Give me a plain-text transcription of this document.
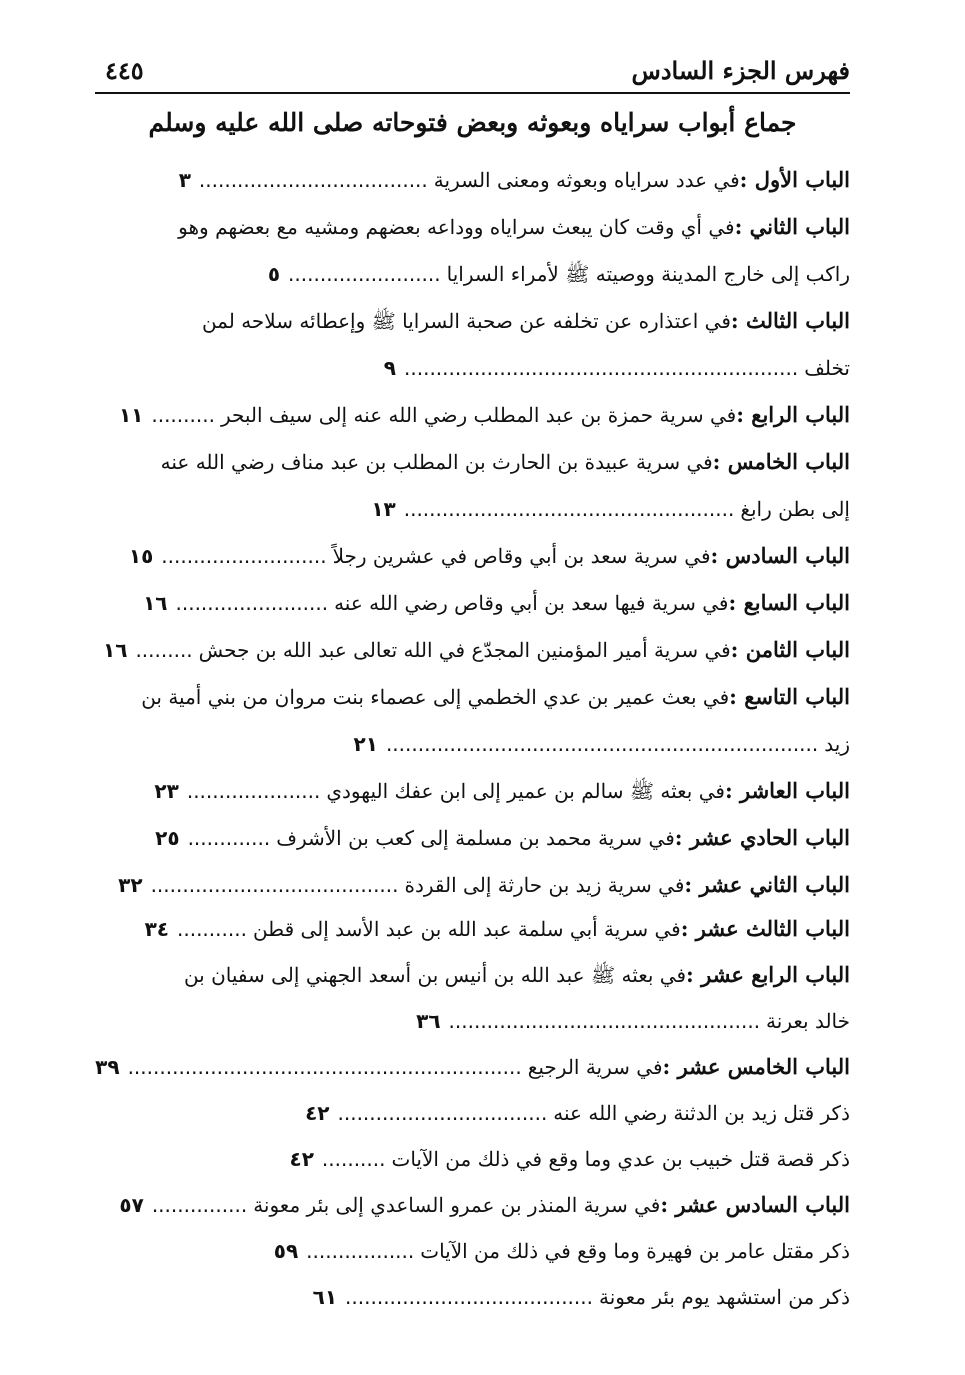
فهرس الجزء السادس
٤٤٥
جماع أبواب سراياه وبعوثه وبعض فتوحاته صلى الله عليه وسلم
الباب الأول :في عدد سراياه وبعوثه ومعنى السرية....................................٣
الباب الثاني :في أي وقت كان يبعث سراياه ووداعه بعضهم ومشيه مع بعضهم وهو
راكب إلى خارج المدينة ووصيته ﷺ لأمراء السرايا........................٥
الباب الثالث :في اعتذاره عن تخلفه عن صحبة السرايا ﷺ وإعطائه سلاحه لمن
تخلف..............................................................٩
الباب الرابع :في سرية حمزة بن عبد المطلب رضي الله عنه إلى سيف البحر..........١١
الباب الخامس :في سرية عبيدة بن الحارث بن المطلب بن عبد مناف رضي الله عنه
إلى بطن رابغ....................................................١٣
الباب السادس :في سرية سعد بن أبي وقاص في عشرين رجلاً..........................١٥
الباب السابع :في سرية فيها سعد بن أبي وقاص رضي الله عنه........................١٦
الباب الثامن :في سرية أمير المؤمنين المجدّع في الله تعالى عبد الله بن جحش.........١٦
الباب التاسع :في بعث عمير بن عدي الخطمي إلى عصماء بنت مروان من بني أمية بن
زيد....................................................................٢١
الباب العاشر :في بعثه ﷺ سالم بن عمير إلى ابن عفك اليهودي.....................٢٣
الباب الحادي عشر :في سرية محمد بن مسلمة إلى كعب بن الأشرف.............٢٥
الباب الثاني عشر :في سرية زيد بن حارثة إلى القردة.......................................٣٢
الباب الثالث عشر :في سرية أبي سلمة عبد الله بن عبد الأسد إلى قطن...........٣٤
الباب الرابع عشر :في بعثه ﷺ عبد الله بن أنيس بن أسعد الجهني إلى سفيان بن
خالد بعرنة.................................................٣٦
الباب الخامس عشر :في سرية الرجيع..............................................................٣٩
ذكر قتل زيد بن الدثنة رضي الله عنه.................................٤٢
ذكر قصة قتل خبيب بن عدي وما وقع في ذلك من الآيات..........٤٢
الباب السادس عشر :في سرية المنذر بن عمرو الساعدي إلى بئر معونة...............٥٧
ذكر مقتل عامر بن فهيرة وما وقع في ذلك من الآيات.................٥٩
ذكر من استشهد يوم بئر معونة.......................................٦١
